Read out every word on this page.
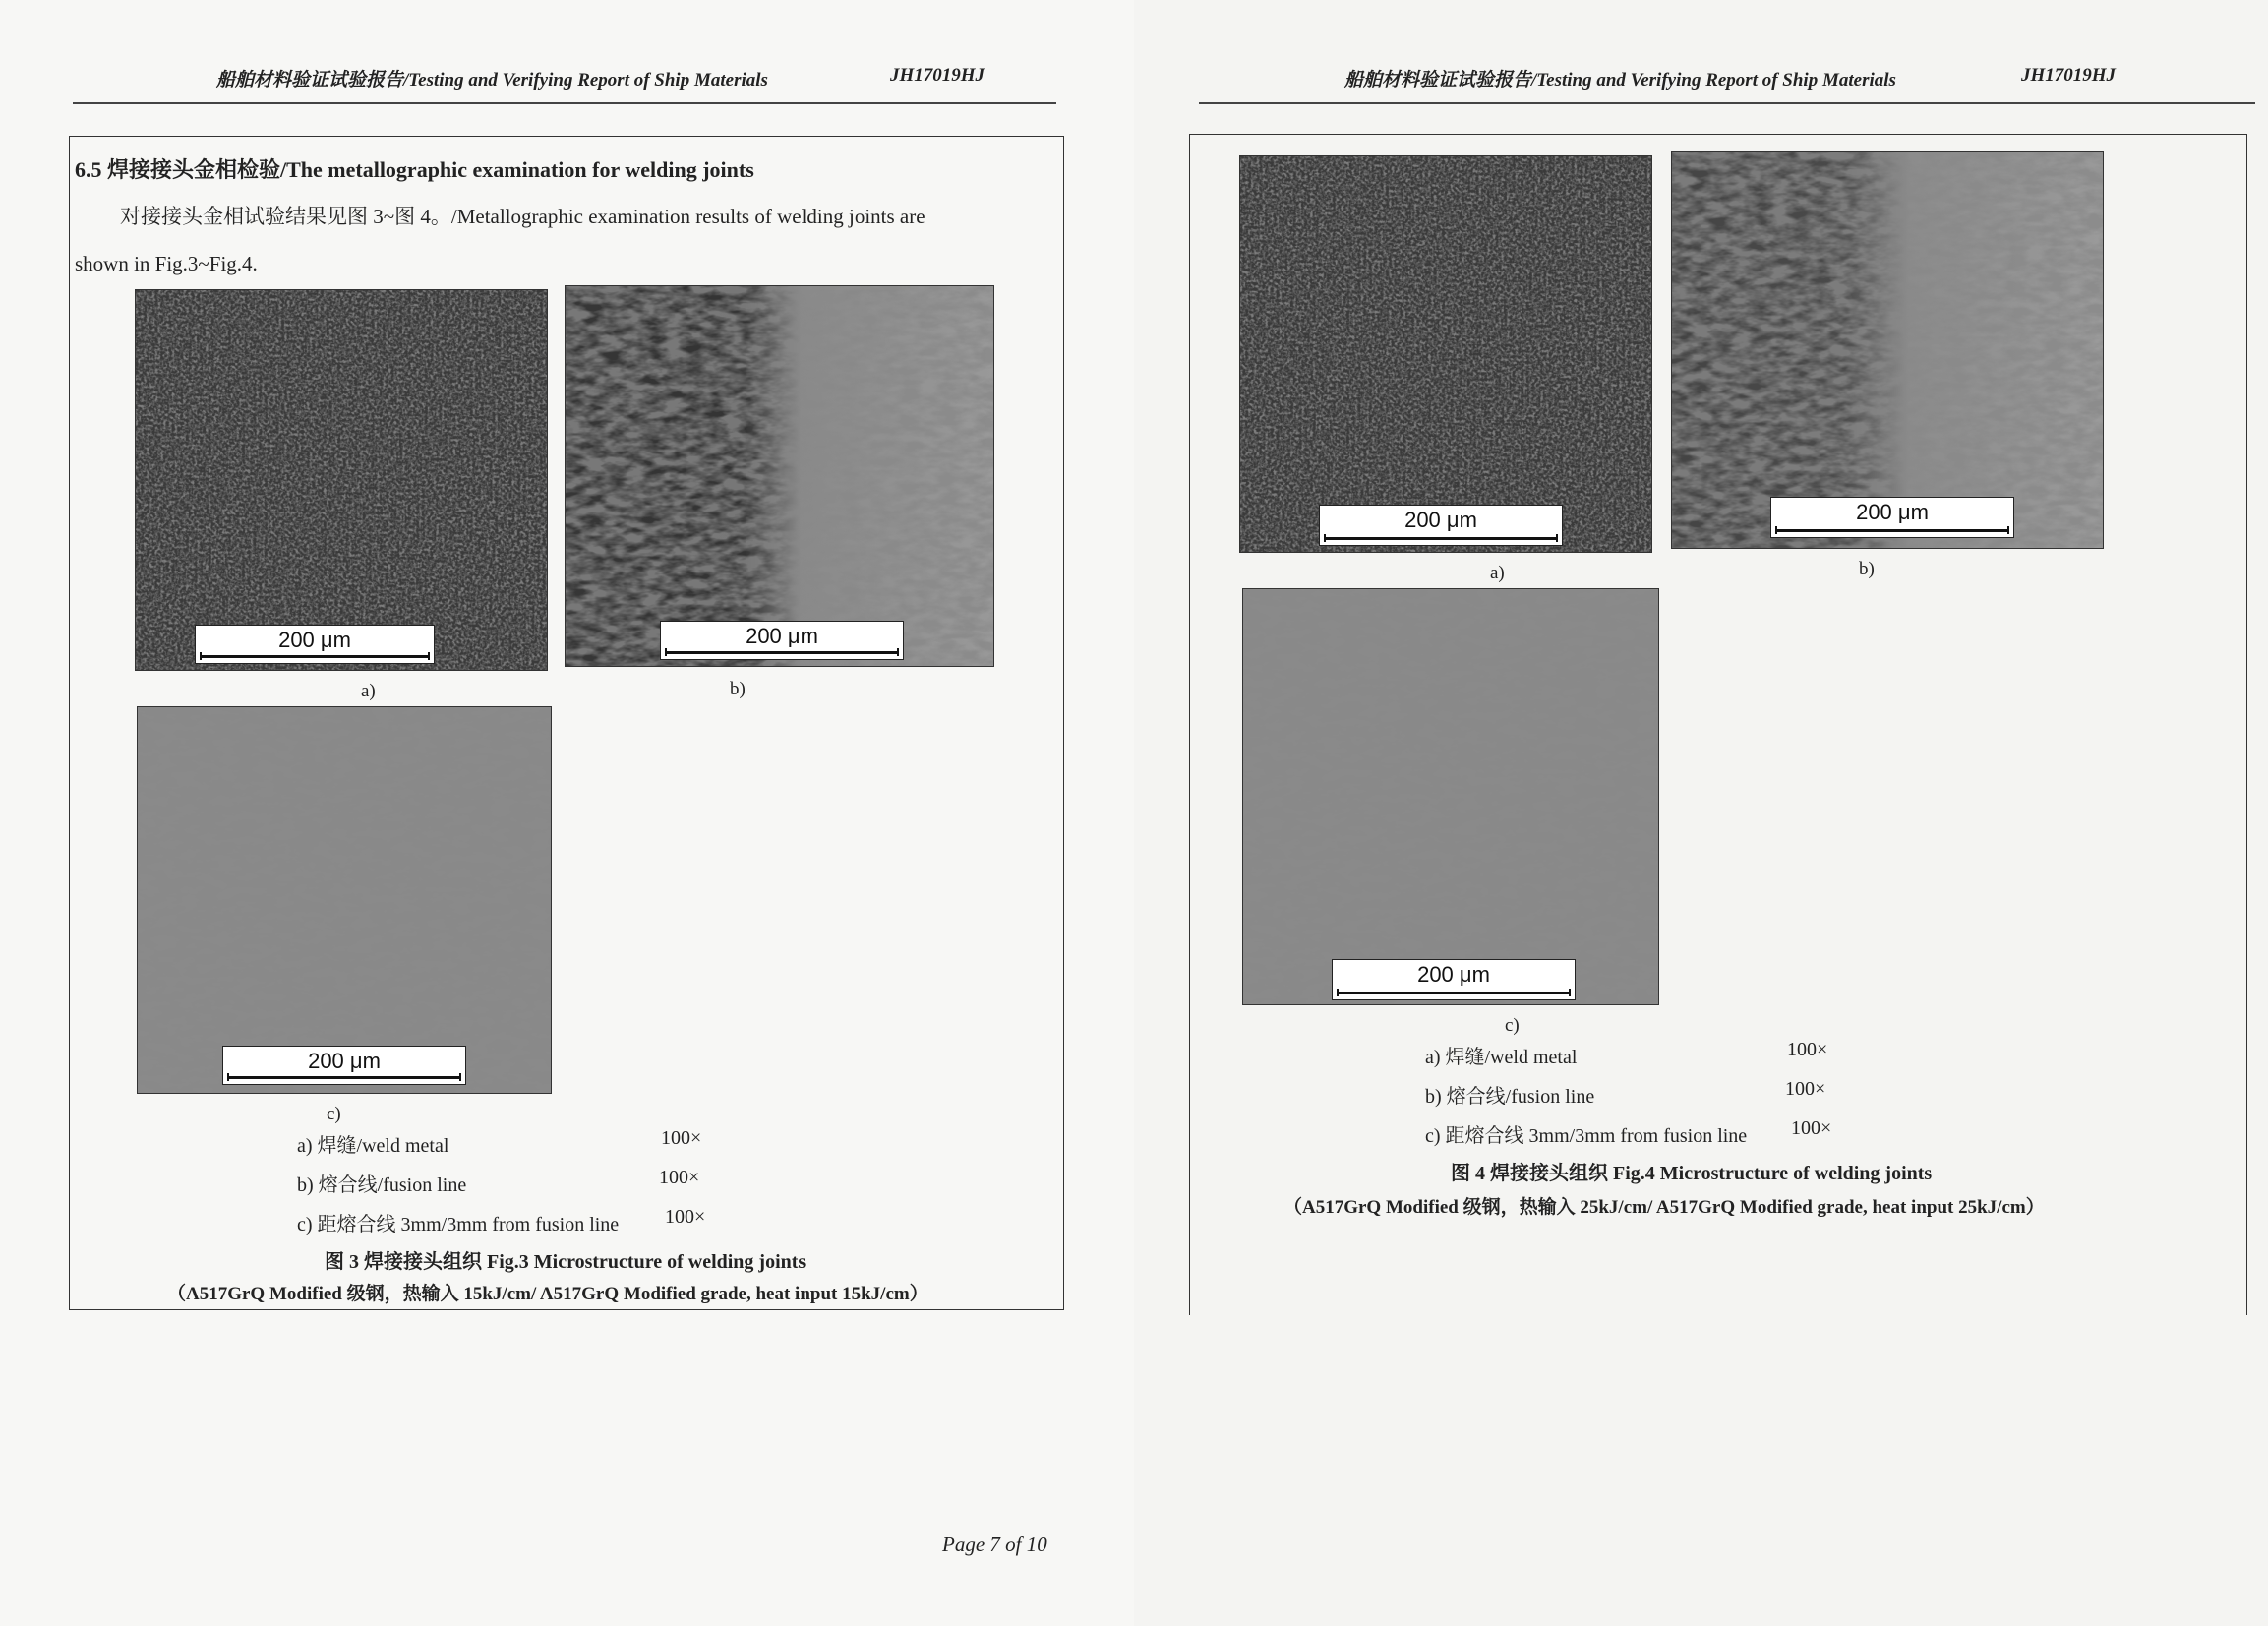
船舶材料验证试验报告/Testing and Verifying Report of Ship Materials	JH17019HJ
6.5 焊接接头金相检验/The metallographic examination for welding joints
对接接头金相试验结果见图 3~图 4。/Metallographic examination results of welding joints are
shown in Fig.3~Fig.4.
200 μm
a)
200 μm
b)
200 μm
c)
a) 焊缝/weld metal	100×
b) 熔合线/fusion line	100×
c) 距熔合线 3mm/3mm from fusion line 100×
图 3 焊接接头组织 Fig.3 Microstructure of welding joints
（A517GrQ Modified 级钢，热输入 15kJ/cm/ A517GrQ Modified grade, heat input 15kJ/cm）
Page 7 of 10
船舶材料验证试验报告/Testing and Verifying Report of Ship Materials	JH17019HJ
200 μm
a)
200 μm
b)
200 μm
c)
a) 焊缝/weld metal	100×
b) 熔合线/fusion line	100×
c) 距熔合线 3mm/3mm from fusion line 100×
图 4 焊接接头组织 Fig.4 Microstructure of welding joints
（A517GrQ Modified 级钢，热输入 25kJ/cm/ A517GrQ Modified grade, heat input 25kJ/cm）
